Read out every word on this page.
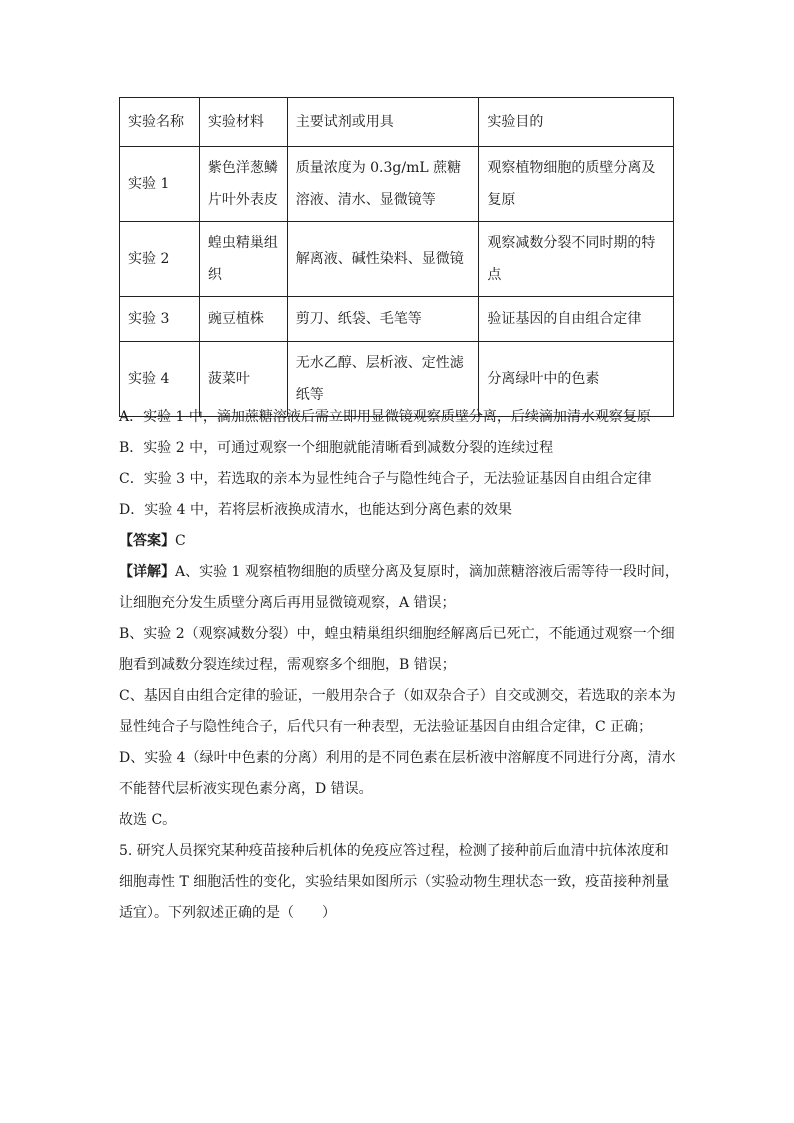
实验名称	实验材料	主要试剂或用具	实验目的
实验 1	紫色洋葱鳞片叶外表皮	质量浓度为 0.3g/mL 蔗糖溶液、清水、显微镜等	观察植物细胞的质壁分离及复原
实验 2	蝗虫精巢组织	解离液、碱性染料、显微镜	观察减数分裂不同时期的特点
实验 3	豌豆植株	剪刀、纸袋、毛笔等	验证基因的自由组合定律
实验 4	菠菜叶	无水乙醇、层析液、定性滤纸等	分离绿叶中的色素
A．实验 1 中，滴加蔗糖溶液后需立即用显微镜观察质壁分离，后续滴加清水观察复原
B．实验 2 中，可通过观察一个细胞就能清晰看到减数分裂的连续过程
C．实验 3 中，若选取的亲本为显性纯合子与隐性纯合子，无法验证基因自由组合定律
D．实验 4 中，若将层析液换成清水，也能达到分离色素的效果
【答案】C
【详解】A、实验 1 观察植物细胞的质壁分离及复原时，滴加蔗糖溶液后需等待一段时间，让细胞充分发生质壁分离后再用显微镜观察，A 错误；
B、实验 2（观察减数分裂）中，蝗虫精巢组织细胞经解离后已死亡，不能通过观察一个细胞看到减数分裂连续过程，需观察多个细胞，B 错误；
C、基因自由组合定律的验证，一般用杂合子（如双杂合子）自交或测交，若选取的亲本为显性纯合子与隐性纯合子，后代只有一种表型，无法验证基因自由组合定律，C 正确；
D、实验 4（绿叶中色素的分离）利用的是不同色素在层析液中溶解度不同进行分离，清水不能替代层析液实现色素分离，D 错误。
故选 C。
5. 研究人员探究某种疫苗接种后机体的免疫应答过程，检测了接种前后血清中抗体浓度和细胞毒性 T 细胞活性的变化，实验结果如图所示（实验动物生理状态一致，疫苗接种剂量适宜）。下列叙述正确的是（　　）
